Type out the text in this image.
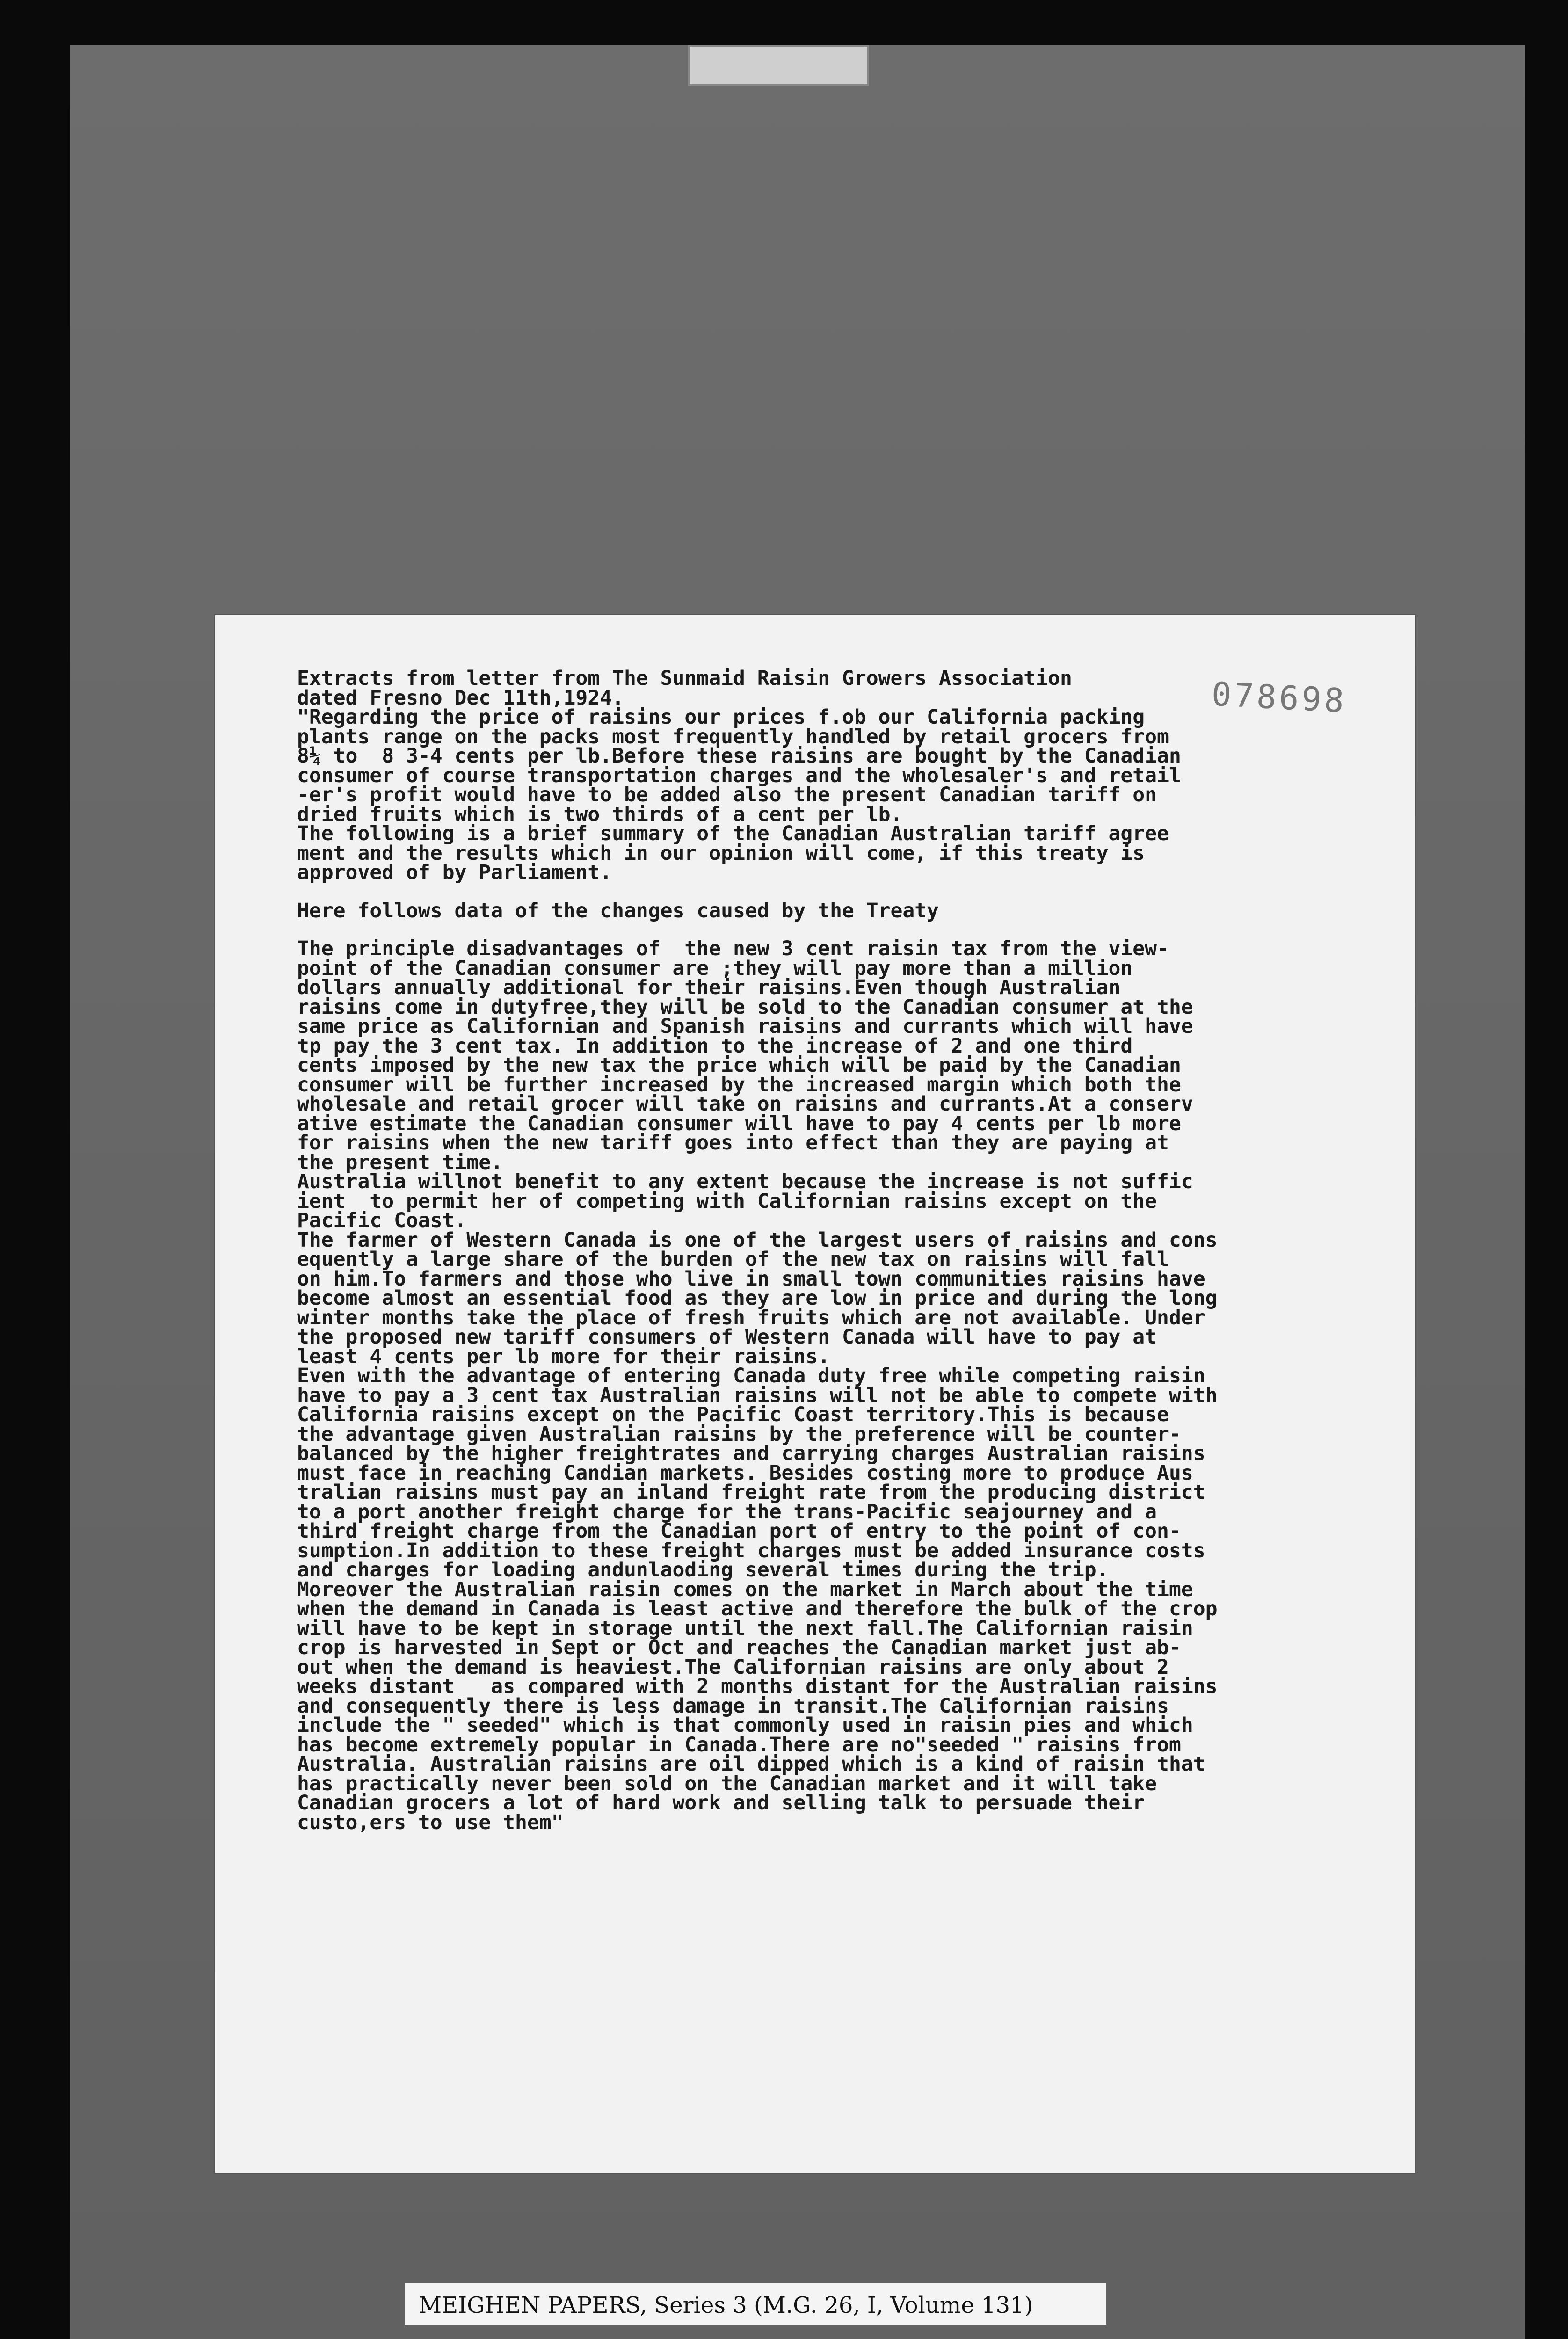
Extracts from letter from The Sunmaid Raisin Growers Association

dated Fresno Dec 11th,1924.

"Regarding the price of raisins our prices f.ob our California packing

plants range on the packs most frequently handled by retail grocers from

8¼ to  8 3-4 cents per lb.Before these raisins are bought by the Canadian

consumer of course transportation charges and the wholesaler's and retail

-er's profit would have to be added also the present Canadian tariff on

dried fruits which is two thirds of a cent per lb.

The following is a brief summary of the Canadian Australian tariff agree

ment and the results which in our opinion will come, if this treaty is

approved of by Parliament.

Here follows data of the changes caused by the Treaty

The principle disadvantages of  the new 3 cent raisin tax from the view-

point of the Canadian consumer are ;they will pay more than a million

dollars annually additional for their raisins.Even though Australian

raisins come in dutyfree,they will be sold to the Canadian consumer at the

same price as Californian and Spanish raisins and currants which will have

tp pay the 3 cent tax. In addition to the increase of 2 and one third

cents imposed by the new tax the price which will be paid by the Canadian

consumer will be further increased by the increased margin which both the

wholesale and retail grocer will take on raisins and currants.At a conserv

ative estimate the Canadian consumer will have to pay 4 cents per lb more

for raisins when the new tariff goes into effect than they are paying at

the present time.

Australia willnot benefit to any extent because the increase is not suffic

ient  to permit her of competing with Californian raisins except on the

Pacific Coast.

The farmer of Western Canada is one of the largest users of raisins and cons

equently a large share of the burden of the new tax on raisins will fall

on him.To farmers and those who live in small town communities raisins have

become almost an essential food as they are low in price and during the long

winter months take the place of fresh fruits which are not available. Under

the proposed new tariff consumers of Western Canada will have to pay at

least 4 cents per lb more for their raisins.

Even with the advantage of entering Canada duty free while competing raisin

have to pay a 3 cent tax Australian raisins will not be able to compete with

California raisins except on the Pacific Coast territory.This is because

the advantage given Australian raisins by the preference will be counter-

balanced by the higher freightrates and carrying charges Australian raisins

must face in reaching Candian markets. Besides costing more to produce Aus

tralian raisins must pay an inland freight rate from the producing district

to a port another freight charge for the trans-Pacific seajourney and a

third freight charge from the Canadian port of entry to the point of con-

sumption.In addition to these freight charges must be added insurance costs

and charges for loading andunlaoding several times during the trip.

Moreover the Australian raisin comes on the market in March about the time

when the demand in Canada is least active and therefore the bulk of the crop

will have to be kept in storage until the next fall.The Californian raisin

crop is harvested in Sept or Oct and reaches the Canadian market just ab-

out when the demand is heaviest.The Californian raisins are only about 2

weeks distant   as compared with 2 months distant for the Australian raisins

and consequently there is less damage in transit.The Californian raisins

include the " seeded" which is that commonly used in raisin pies and which

has become extremely popular in Canada.There are no"seeded " raisins from

Australia. Australian raisins are oil dipped which is a kind of raisin that

has practically never been sold on the Canadian market and it will take

Canadian grocers a lot of hard work and selling talk to persuade their

custo,ers to use them"

078698
MEIGHEN PAPERS, Series 3 (M.G. 26, I, Volume 131)
